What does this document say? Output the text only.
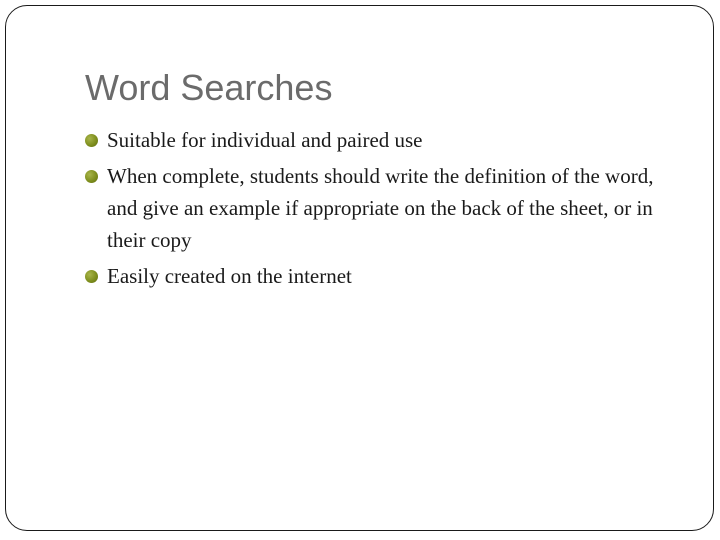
Word Searches
Suitable for individual and paired use
When complete, students should write the definition of the word, and give an example if appropriate on the back of the sheet, or in their copy
Easily created on the internet
